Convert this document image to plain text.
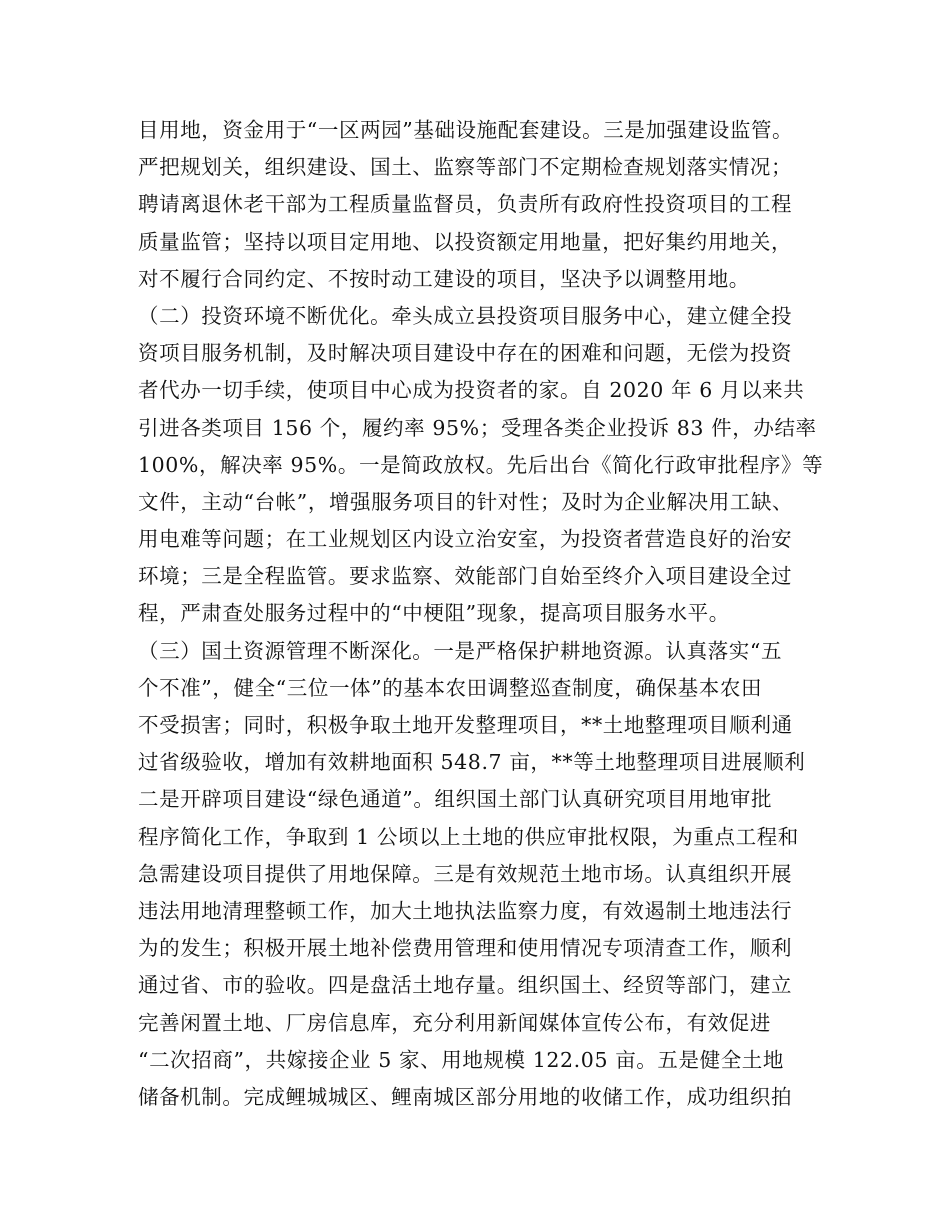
目用地，资金用于“一区两园”基础设施配套建设。三是加强建设监管。
严把规划关，组织建设、国土、监察等部门不定期检查规划落实情况；
聘请离退休老干部为工程质量监督员，负责所有政府性投资项目的工程
质量监管；坚持以项目定用地、以投资额定用地量，把好集约用地关，
对不履行合同约定、不按时动工建设的项目，坚决予以调整用地。
（二）投资环境不断优化。牵头成立县投资项目服务中心，建立健全投
资项目服务机制，及时解决项目建设中存在的困难和问题，无偿为投资
者代办一切手续，使项目中心成为投资者的家。自 2020 年 6 月以来共
引进各类项目 156 个，履约率 95%；受理各类企业投诉 83 件，办结率
100%，解决率 95%。一是简政放权。先后出台《简化行政审批程序》等
文件，主动“台帐”，增强服务项目的针对性；及时为企业解决用工缺、
用电难等问题；在工业规划区内设立治安室，为投资者营造良好的治安
环境；三是全程监管。要求监察、效能部门自始至终介入项目建设全过
程，严肃查处服务过程中的“中梗阻”现象，提高项目服务水平。
（三）国土资源管理不断深化。一是严格保护耕地资源。认真落实“五
个不准”，健全“三位一体”的基本农田调整巡查制度，确保基本农田
不受损害；同时，积极争取土地开发整理项目，**土地整理项目顺利通
过省级验收，增加有效耕地面积 548.7 亩，**等土地整理项目进展顺利
二是开辟项目建设“绿色通道”。组织国土部门认真研究项目用地审批
程序简化工作，争取到 1 公顷以上土地的供应审批权限，为重点工程和
急需建设项目提供了用地保障。三是有效规范土地市场。认真组织开展
违法用地清理整顿工作，加大土地执法监察力度，有效遏制土地违法行
为的发生；积极开展土地补偿费用管理和使用情况专项清查工作，顺利
通过省、市的验收。四是盘活土地存量。组织国土、经贸等部门，建立
完善闲置土地、厂房信息库，充分利用新闻媒体宣传公布，有效促进
“二次招商”，共嫁接企业 5 家、用地规模 122.05 亩。五是健全土地
储备机制。完成鲤城城区、鲤南城区部分用地的收储工作，成功组织拍
